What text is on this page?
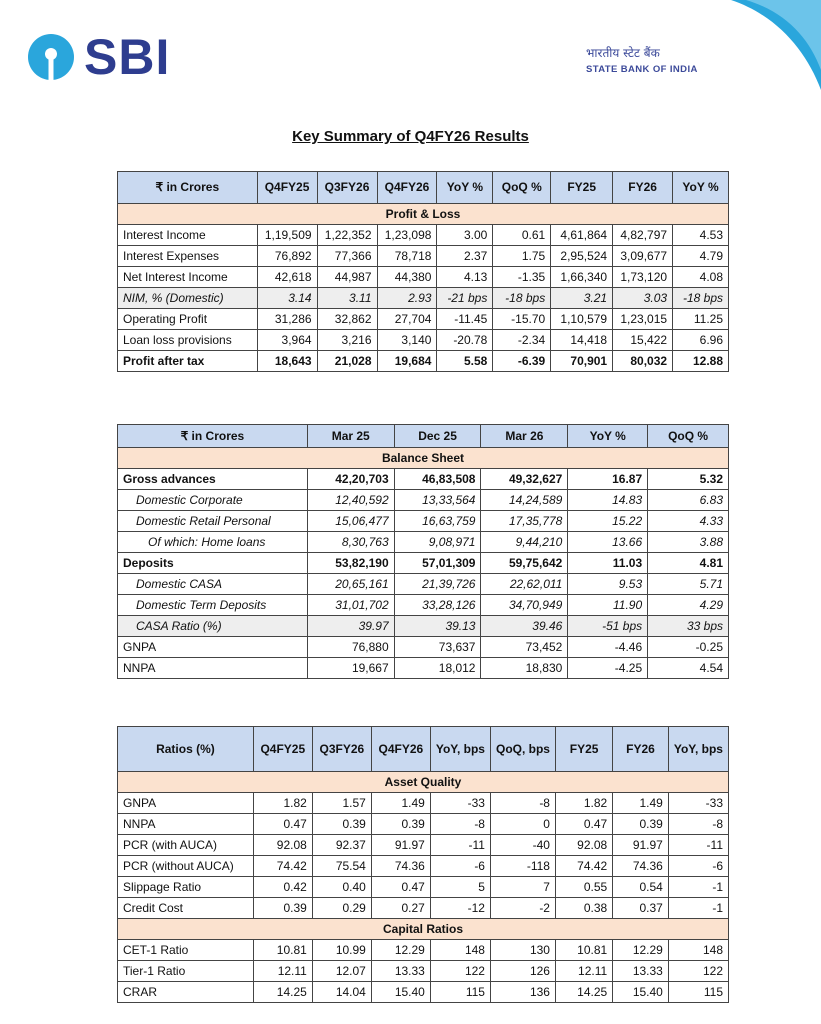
SBI	भारतीय स्टेट बैंक
STATE BANK OF INDIA
Key Summary of Q4FY26 Results
₹ in Crores	Q4FY25	Q3FY26	Q4FY26	YoY %	QoQ %	FY25	FY26	YoY %
Profit & Loss								
Interest Income	1,19,509	1,22,352	1,23,098	3.00	0.61	4,61,864	4,82,797	4.53
Interest Expenses	76,892	77,366	78,718	2.37	1.75	2,95,524	3,09,677	4.79
Net Interest Income	42,618	44,987	44,380	4.13	-1.35	1,66,340	1,73,120	4.08
NIM, % (Domestic)	3.14	3.11	2.93	-21 bps	-18 bps	3.21	3.03	-18 bps
Operating Profit	31,286	32,862	27,704	-11.45	-15.70	1,10,579	1,23,015	11.25
Loan loss provisions	3,964	3,216	3,140	-20.78	-2.34	14,418	15,422	6.96
Profit after tax	18,643	21,028	19,684	5.58	-6.39	70,901	80,032	12.88
₹ in Crores	Mar 25	Dec 25	Mar 26	YoY %	QoQ %
Balance Sheet					
Gross advances	42,20,703	46,83,508	49,32,627	16.87	5.32
Domestic Corporate	12,40,592	13,33,564	14,24,589	14.83	6.83
Domestic Retail Personal	15,06,477	16,63,759	17,35,778	15.22	4.33
Of which: Home loans	8,30,763	9,08,971	9,44,210	13.66	3.88
Deposits	53,82,190	57,01,309	59,75,642	11.03	4.81
Domestic CASA	20,65,161	21,39,726	22,62,011	9.53	5.71
Domestic Term Deposits	31,01,702	33,28,126	34,70,949	11.90	4.29
CASA Ratio (%)	39.97	39.13	39.46	-51 bps	33 bps
GNPA	76,880	73,637	73,452	-4.46	-0.25
NNPA	19,667	18,012	18,830	-4.25	4.54
Ratios (%)	Q4FY25	Q3FY26	Q4FY26	YoY, bps	QoQ, bps	FY25	FY26	YoY, bps
Asset Quality								
GNPA	1.82	1.57	1.49	-33	-8	1.82	1.49	-33
NNPA	0.47	0.39	0.39	-8	0	0.47	0.39	-8
PCR (with AUCA)	92.08	92.37	91.97	-11	-40	92.08	91.97	-11
PCR (without AUCA)	74.42	75.54	74.36	-6	-118	74.42	74.36	-6
Slippage Ratio	0.42	0.40	0.47	5	7	0.55	0.54	-1
Credit Cost	0.39	0.29	0.27	-12	-2	0.38	0.37	-1
Capital Ratios								
CET-1 Ratio	10.81	10.99	12.29	148	130	10.81	12.29	148
Tier-1 Ratio	12.11	12.07	13.33	122	126	12.11	13.33	122
CRAR	14.25	14.04	15.40	115	136	14.25	15.40	115
